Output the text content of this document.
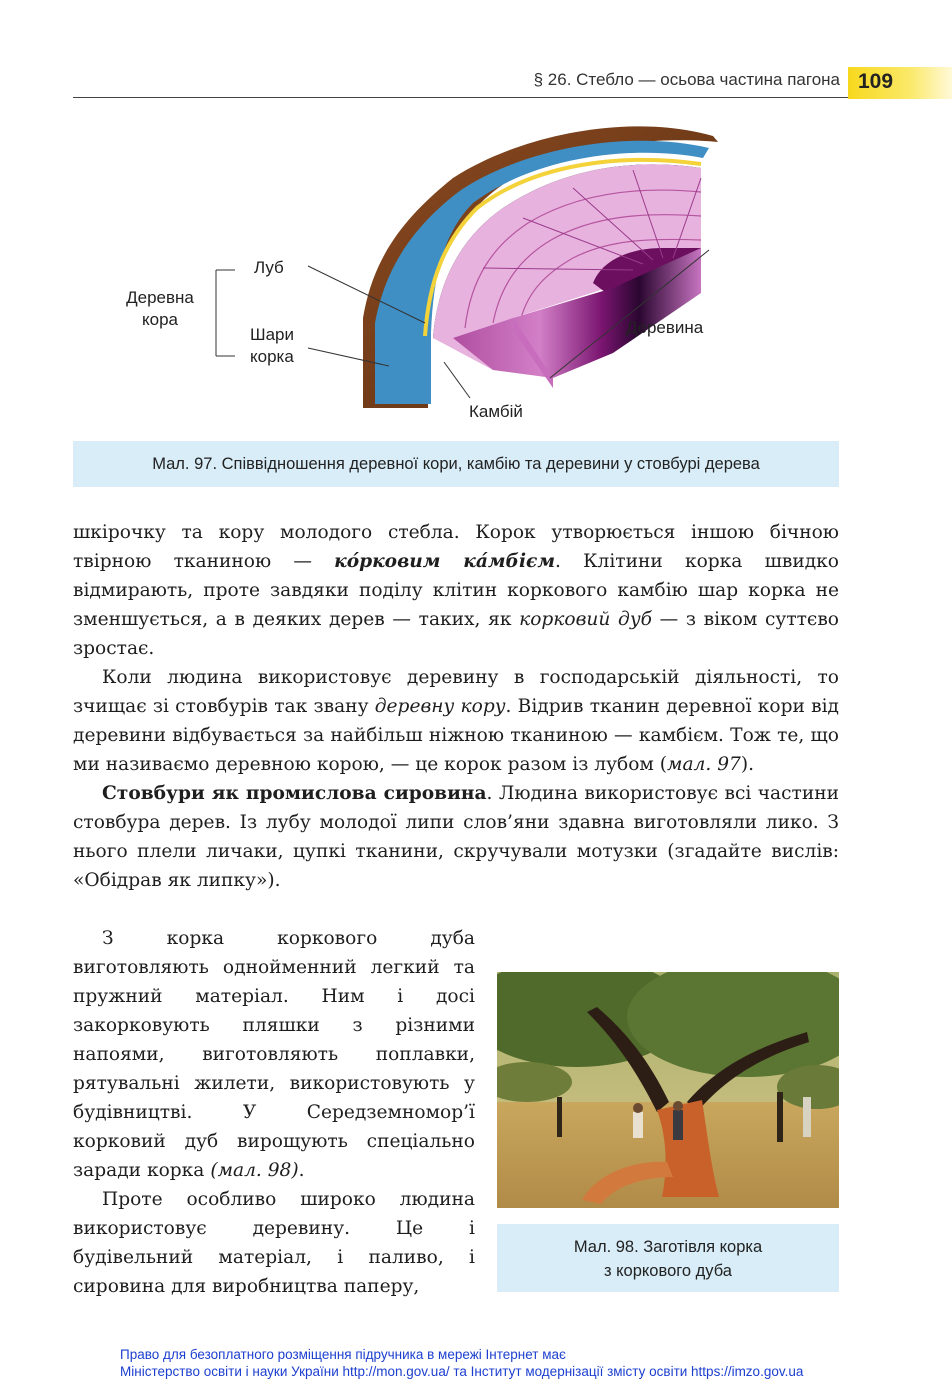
§ 26. Стебло — осьова частина пагона 109
Деревна кора
Луб
Шари корка
Деревина
Камбій
Мал. 97. Співвідношення деревної кори, камбію та деревини у стовбурі дерева

шкірочку та кору молодого стебла. Корок утворюється іншою бічною твірною тканиною — ко́рковим ка́мбієм. Клітини корка швидко відмирають, проте завдяки поділу клітин коркового камбію шар корка не зменшується, а в деяких дерев — таких, як корковий дуб — з віком суттєво зростає.

Коли людина використовує деревину в господарській діяльності, то зчищає зі стовбурів так звану деревну кору. Відрив тканин деревної кори від деревини відбувається за найбільш ніжною тканиною — камбієм. Тож те, що ми називаємо деревною корою, — це корок разом із лубом (мал. 97).

Стовбури як промислова сировина. Людина використовує всі частини стовбура дерев. Із лубу молодої липи слов’яни здавна виготовляли лико. З нього плели личаки, цупкі тканини, скручували мотузки (згадайте вислів: «Обідрав як липку»).

З корка коркового дуба виготовляють однойменний легкий та пружний матеріал. Ним і досі закорковують пляшки з різними напоями, виготовляють поплавки, рятувальні жилети, використовують у будівництві. У Середземномор’ї корковий дуб вирощують спеціально заради корка (мал. 98).

Проте особливо широко людина використовує деревину. Це і будівельний матеріал, і паливо, і сировина для виробництва паперу,

Мал. 98. Заготівля корка
з коркового дуба
Право для безоплатного розміщення підручника в мережі Інтернет має
Міністерство освіти і науки України http://mon.gov.ua/ та Інститут модернізації змісту освіти https://imzo.gov.ua
